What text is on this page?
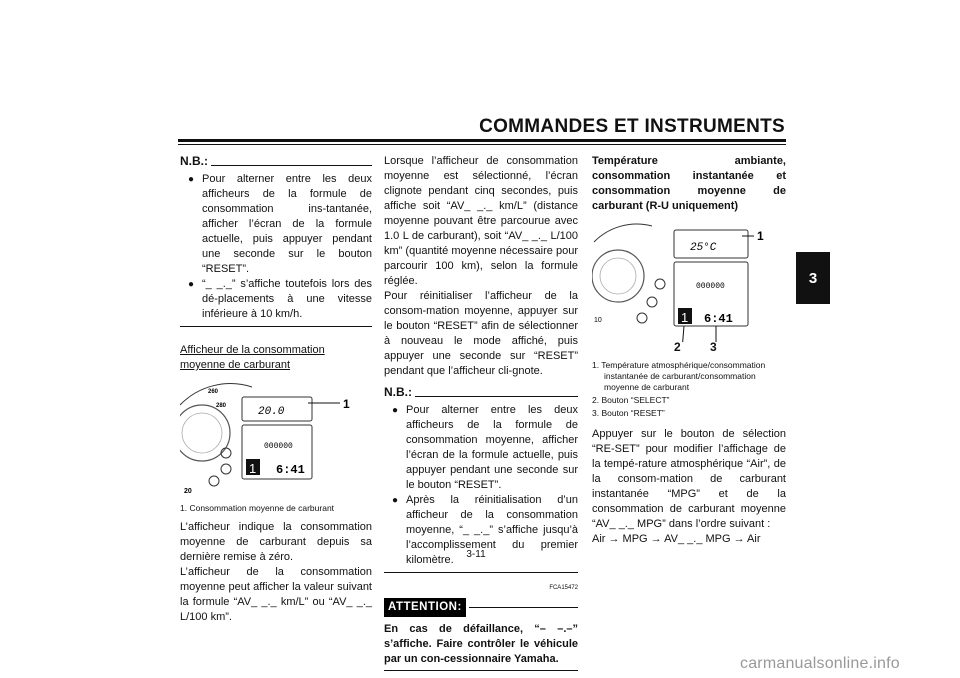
COMMANDES ET INSTRUMENTS
3
N.B.:
● Pour alterner entre les deux afficheurs de la formule de consommation ins-tantanée, afficher l’écran de la formule actuelle, puis appuyer pendant une seconde sur le bouton “RESET”.
● “_ _._” s’affiche toutefois lors des dé-placements à une vitesse inférieure à 10 km/h.
Afficheur de la consommation moyenne de carburant
20.0
000000
1 6:41
1
260
280
20
1. Consommation moyenne de carburant

L’afficheur indique la consommation moyenne de carburant depuis sa dernière remise à zéro.

L’afficheur de la consommation moyenne peut afficher la valeur suivant la formule “AV_ _._ km/L” ou “AV_ _._ L/100 km”.

Lorsque l’afficheur de consommation moyenne est sélectionné, l’écran clignote pendant cinq secondes, puis affiche soit “AV_ _._ km/L” (distance moyenne pouvant être parcourue avec 1.0 L de carburant), soit “AV_ _._ L/100 km” (quantité moyenne nécessaire pour parcourir 100 km), selon la formule réglée.

Pour réinitialiser l’afficheur de la consom-mation moyenne, appuyer sur le bouton “RESET” afin de sélectionner à nouveau le mode affiché, puis appuyer une seconde sur “RESET” pendant que l’afficheur cli-gnote.

N.B.:
● Pour alterner entre les deux afficheurs de la formule de consommation moyenne, afficher l’écran de la formule actuelle, puis appuyer pendant une seconde sur le bouton “RESET”.
● Après la réinitialisation d’un afficheur de la consommation moyenne, “_ _._” s’affiche jusqu’à l’accomplissement du premier kilomètre.
FCA15472
ATTENTION:
En cas de défaillance, “– –.–” s’affiche. Faire contrôler le véhicule par un con-cessionnaire Yamaha.
Température ambiante, consommation instantanée et consommation moyenne de carburant (R-U uniquement)
25°C
000000
1 6:41
1
10
2 3
1. Température atmosphérique/consommation instantanée de carburant/consommation moyenne de carburant
2. Bouton “SELECT”
3. Bouton “RESET”

Appuyer sur le bouton de sélection “RE-SET” pour modifier l’affichage de la tempé-rature atmosphérique “Air”, de la consom-mation de carburant instantanée “MPG” et de la consommation de carburant moyenne “AV_ _._ MPG” dans l’ordre suivant :

Air → MPG → AV_ _._ MPG → Air
3-11
carmanualsonline.info
